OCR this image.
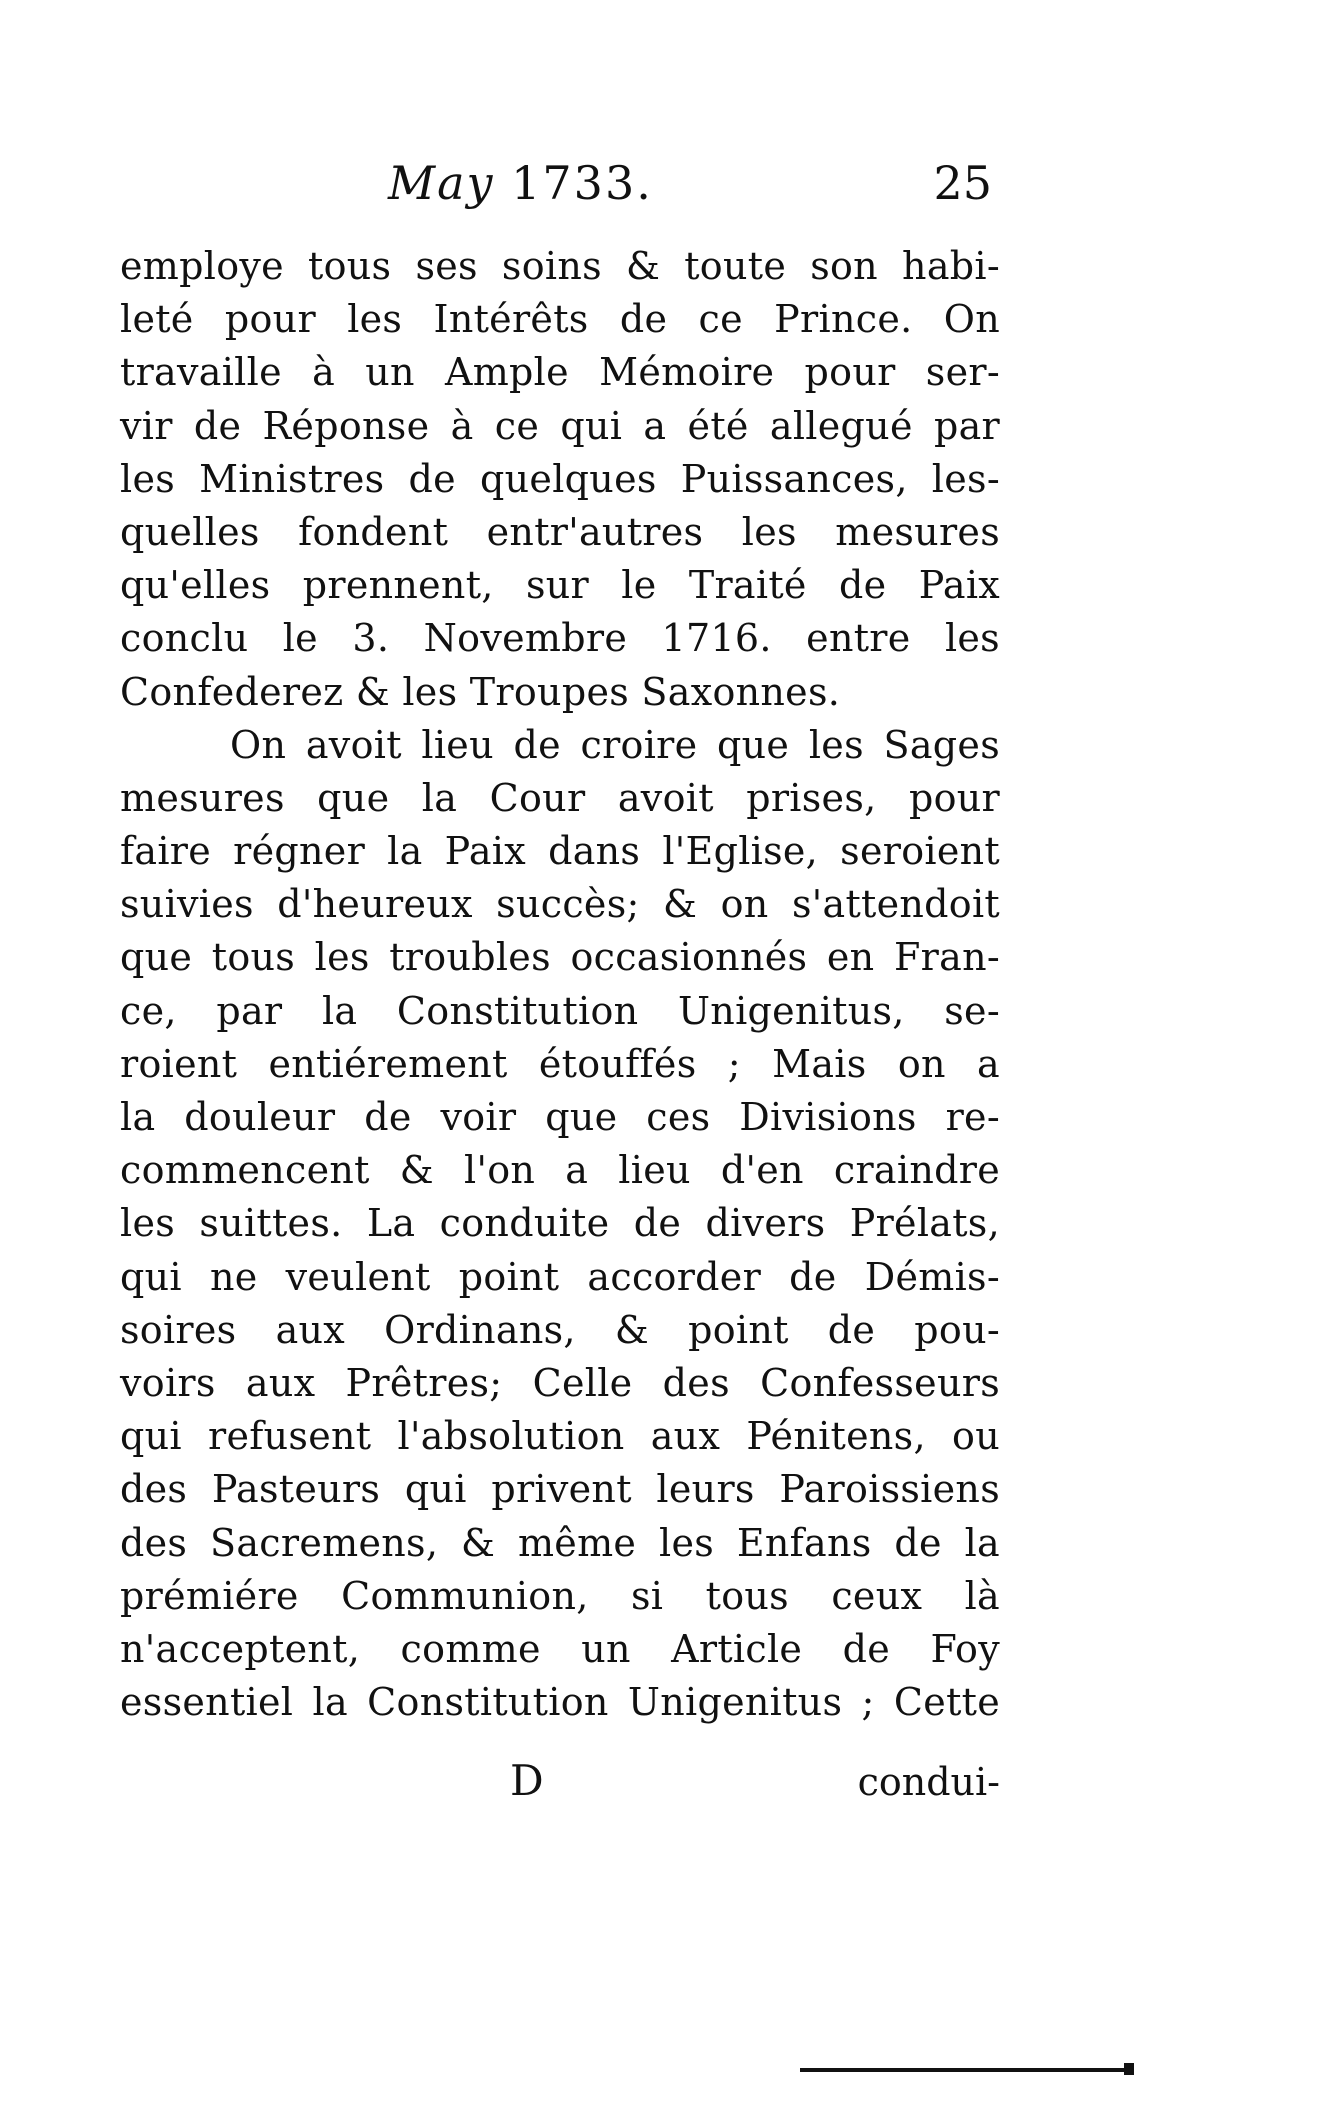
May 1733.	25
employe tous ses soins & toute son habi-
leté pour les Intérêts de ce Prince. On
travaille à un Ample Mémoire pour ser-
vir de Réponse à ce qui a été allegué par
les Ministres de quelques Puissances, les-
quelles fondent entr'autres les mesures
qu'elles prennent, sur le Traité de Paix
conclu le 3. Novembre 1716. entre les
Confederez & les Troupes Saxonnes.
On avoit lieu de croire que les Sages
mesures que la Cour avoit prises, pour
faire régner la Paix dans l'Eglise, seroient
suivies d'heureux succès; & on s'attendoit
que tous les troubles occasionnés en Fran-
ce, par la Constitution Unigenitus, se-
roient entiérement étouffés ; Mais on a
la douleur de voir que ces Divisions re-
commencent & l'on a lieu d'en craindre
les suittes. La conduite de divers Prélats,
qui ne veulent point accorder de Démis-
soires aux Ordinans, & point de pou-
voirs aux Prêtres; Celle des Confesseurs
qui refusent l'absolution aux Pénitens, ou
des Pasteurs qui privent leurs Paroissiens
des Sacremens, & même les Enfans de la
prémiére Communion, si tous ceux là
n'acceptent, comme un Article de Foy
essentiel la Constitution Unigenitus ; Cette
D	condui-
